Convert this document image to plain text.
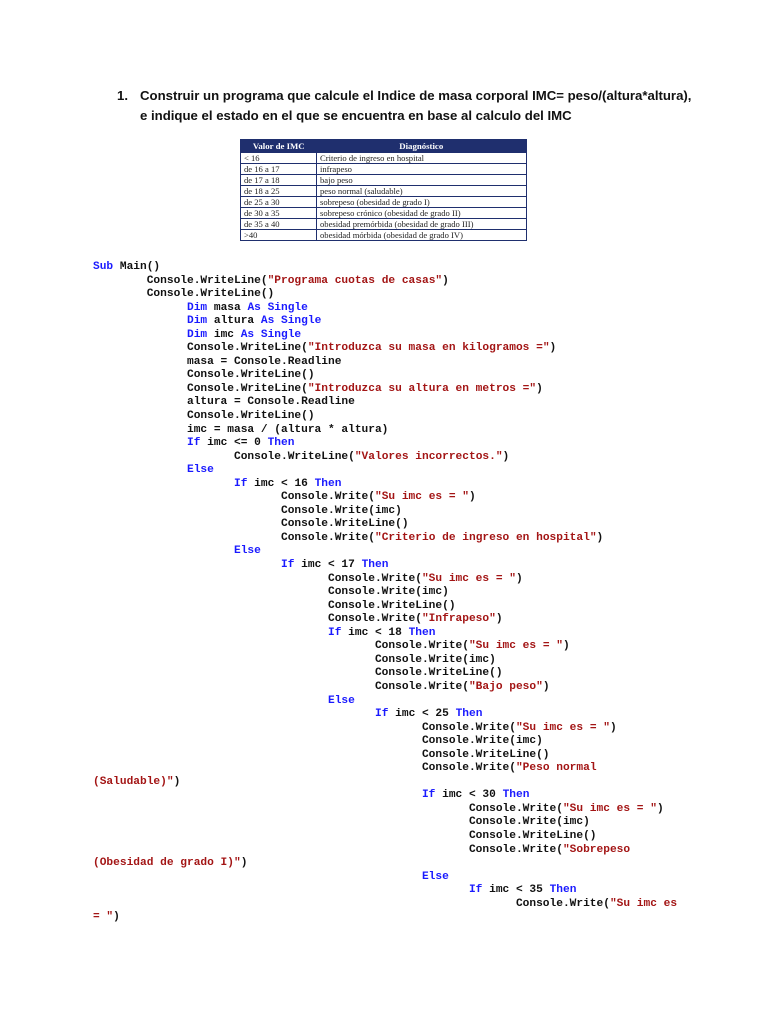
1. Construir un programa que calcule el Indice de masa corporal IMC= peso/(altura*altura), e indique el estado en el que se encuentra en base al calculo del IMC
Valor de IMC	Diagnóstico
< 16	Criterio de ingreso en hospital
de 16 a 17	infrapeso
de 17 a 18	bajo peso
de 18 a 25	peso normal (saludable)
de 25 a 30	sobrepeso (obesidad de grado I)
de 30 a 35	sobrepeso crónico (obesidad de grado II)
de 35 a 40	obesidad premórbida (obesidad de grado III)
>40	obesidad mórbida (obesidad de grado IV)
Sub Main()
Console.WriteLine("Programa cuotas de casas")
Console.WriteLine()
Dim masa As Single
Dim altura As Single
Dim imc As Single
Console.WriteLine("Introduzca su masa en kilogramos =")
masa = Console.Readline
Console.WriteLine()
Console.WriteLine("Introduzca su altura en metros =")
altura = Console.Readline
Console.WriteLine()
imc = masa / (altura * altura)
If imc <= 0 Then
Console.WriteLine("Valores incorrectos.")
Else
If imc < 16 Then
Console.Write("Su imc es = ")
Console.Write(imc)
Console.WriteLine()
Console.Write("Criterio de ingreso en hospital")
Else
If imc < 17 Then
Console.Write("Su imc es = ")
Console.Write(imc)
Console.WriteLine()
Console.Write("Infrapeso")
If imc < 18 Then
Console.Write("Su imc es = ")
Console.Write(imc)
Console.WriteLine()
Console.Write("Bajo peso")
Else
If imc < 25 Then
Console.Write("Su imc es = ")
Console.Write(imc)
Console.WriteLine()
Console.Write("Peso normal
(Saludable)")
If imc < 30 Then
Console.Write("Su imc es = ")
Console.Write(imc)
Console.WriteLine()
Console.Write("Sobrepeso
(Obesidad de grado I)")
Else
If imc < 35 Then
Console.Write("Su imc es
= ")
